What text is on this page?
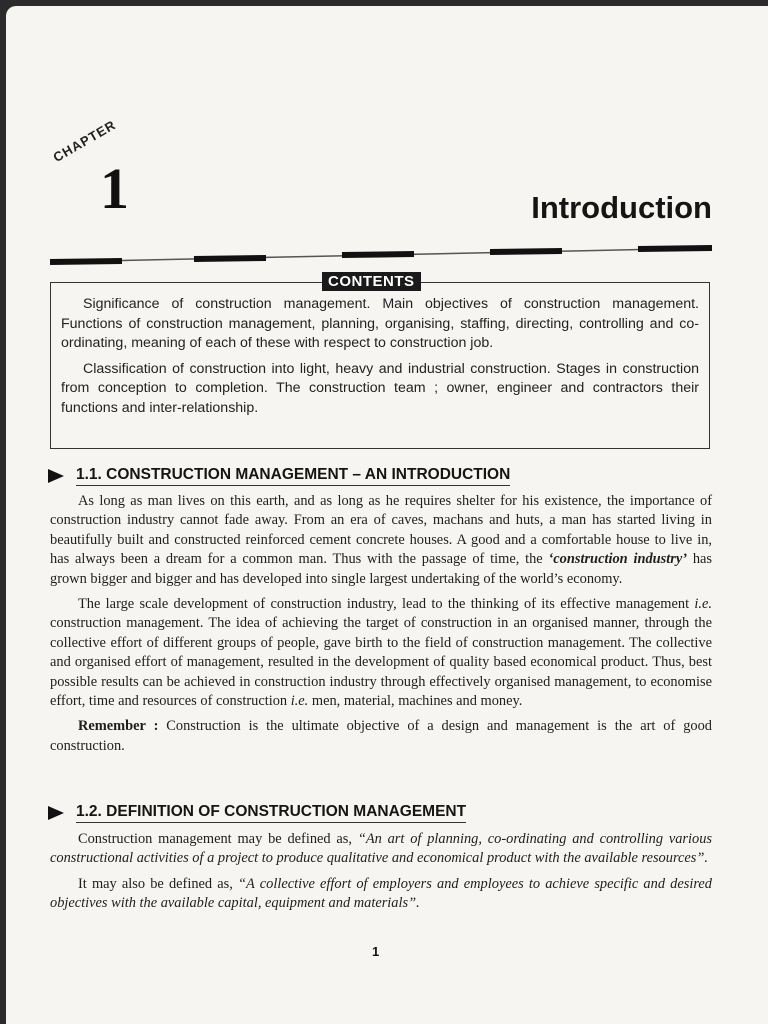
CHAPTER
1	Introduction
CONTENTS

Significance of construction management. Main objectives of construction management. Functions of construction management, planning, organising, staffing, directing, controlling and co-ordinating, meaning of each of these with respect to construction job.

Classification of construction into light, heavy and industrial construction. Stages in construction from conception to completion. The construction team ; owner, engineer and contractors their functions and inter-relationship.

1.1. CONSTRUCTION MANAGEMENT – AN INTRODUCTION

As long as man lives on this earth, and as long as he requires shelter for his existence, the importance of construction industry cannot fade away. From an era of caves, machans and huts, a man has started living in beautifully built and constructed reinforced cement concrete houses. A good and a comfortable house to live in, has always been a dream for a common man. Thus with the passage of time, the ‘construction industry’ has grown bigger and bigger and has developed into single largest undertaking of the world’s economy.

The large scale development of construction industry, lead to the thinking of its effective management i.e. construction management. The idea of achieving the target of construction in an organised manner, through the collective effort of different groups of people, gave birth to the field of construction management. The collective and organised effort of management, resulted in the development of quality based economical product. Thus, best possible results can be achieved in construction industry through effectively organised management, to economise effort, time and resources of construction i.e. men, material, machines and money.

Remember : Construction is the ultimate objective of a design and management is the art of good construction.

1.2. DEFINITION OF CONSTRUCTION MANAGEMENT

Construction management may be defined as, “An art of planning, co-ordinating and controlling various constructional activities of a project to produce qualitative and economical product with the available resources”.

It may also be defined as, “A collective effort of employers and employees to achieve specific and desired objectives with the available capital, equipment and materials”.

1
